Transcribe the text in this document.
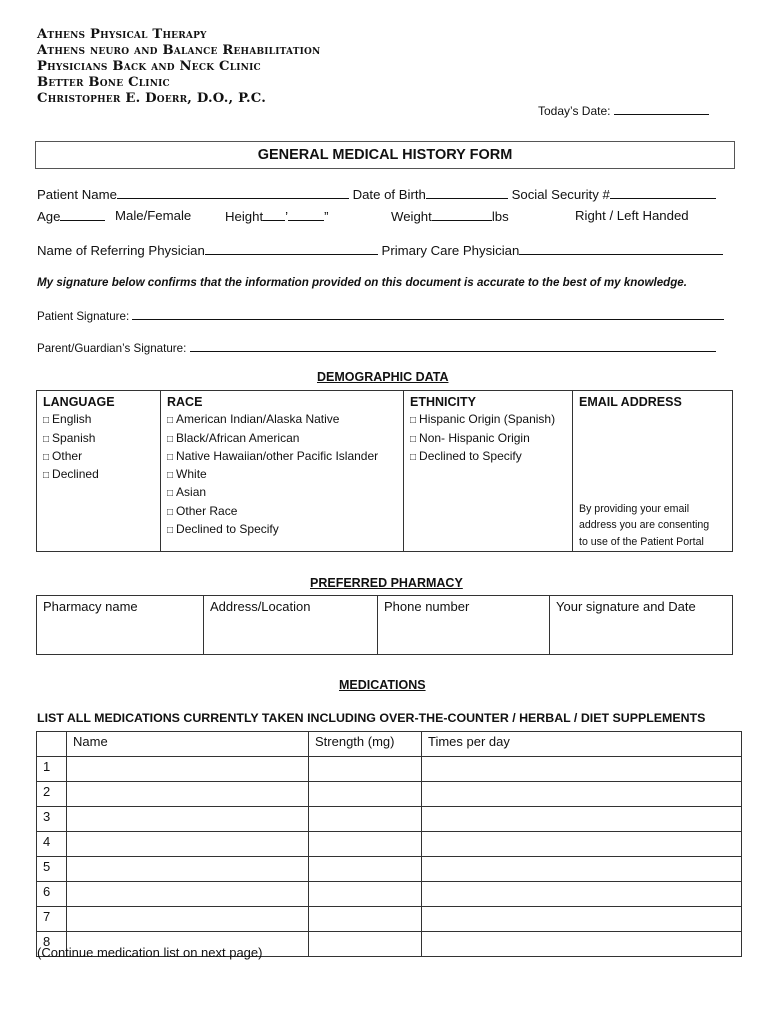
Athens Physical Therapy
Athens neuro and Balance Rehabilitation
Physicians Back and Neck Clinic
Better Bone Clinic
Christopher E. Doerr, D.O., P.C.
Today’s Date:
GENERAL MEDICAL HISTORY FORM
Patient Name	Date of Birth	Social Security #
Age	Male/Female	Height ’	”	Weight	lbs	Right / Left Handed
Name of Referring Physician	Primary Care Physician
My signature below confirms that the information provided on this document is accurate to the best of my knowledge.
Patient Signature:
Parent/Guardian’s Signature:
DEMOGRAPHIC DATA
LANGUAGE
□ English
□ Spanish
□ Other
□ Declined

RACE
□ American Indian/Alaska Native
□ Black/African American
□ Native Hawaiian/other Pacific Islander
□ White
□ Asian
□ Other Race
□ Declined to Specify

ETHNICITY
□ Hispanic Origin (Spanish)
□ Non- Hispanic Origin
□ Declined to Specify

EMAIL ADDRESS
By providing your email
address you are consenting
to use of the Patient Portal
PREFERRED PHARMACY
Pharmacy name	Address/Location	Phone number	Your signature and Date
MEDICATIONS
LIST ALL MEDICATIONS CURRENTLY TAKEN INCLUDING OVER-THE-COUNTER / HERBAL / DIET SUPPLEMENTS
	Name	Strength (mg)	Times per day
1			
2			
3			
4			
5			
6			
7			
8			
(Continue medication list on next page)
